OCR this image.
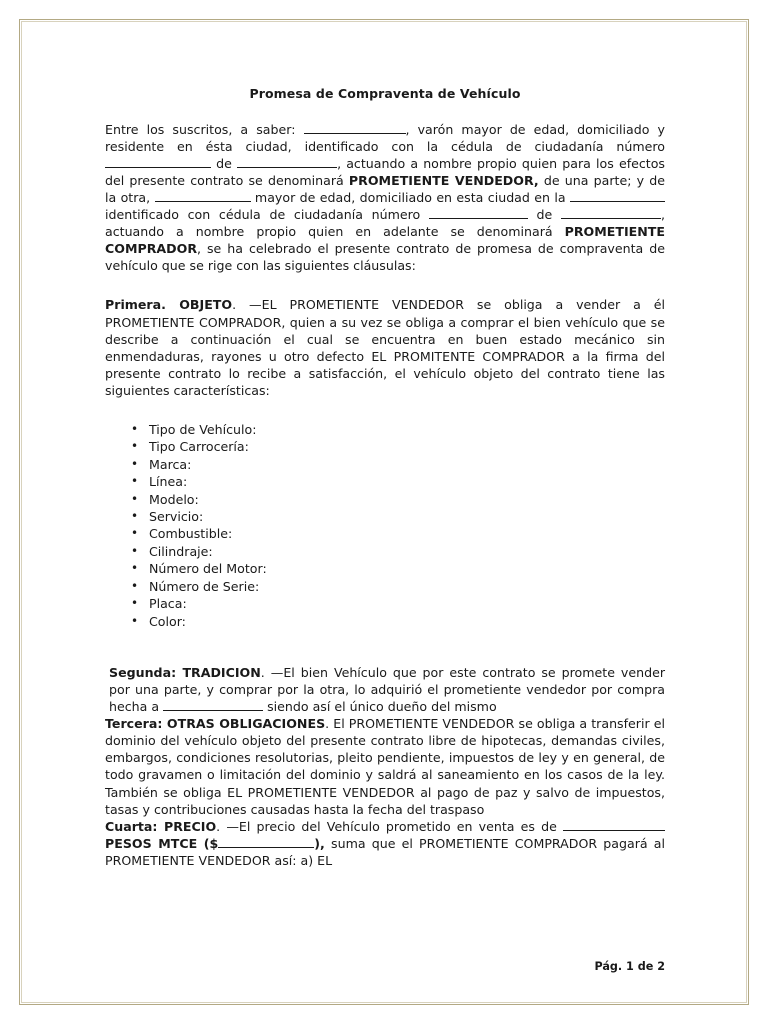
Promesa de Compraventa de Vehículo

Entre los suscritos, a saber:	, varón mayor de edad, domiciliado y residente en ésta ciudad, identificado con la cédula de ciudadanía número  de	, actuando a nombre propio quien para los efectos del presente contrato se denominará PROMETIENTE VENDEDOR, de una parte; y de la otra,	mayor de edad, domiciliado en esta ciudad en la  identificado con cédula de ciudadanía número	de	, actuando a nombre propio quien en adelante se denominará PROMETIENTE COMPRADOR, se ha celebrado el presente contrato de promesa de compraventa de vehículo que se rige con las siguientes cláusulas:

Primera. OBJETO. —EL PROMETIENTE VENDEDOR se obliga a vender a él PROMETIENTE COMPRADOR, quien a su vez se obliga a comprar el bien vehículo que se describe a continuación el cual se encuentra en buen estado mecánico sin enmendaduras, rayones u otro defecto EL PROMITENTE COMPRADOR a la firma del presente contrato lo recibe a satisfacción, el vehículo objeto del contrato tiene las siguientes características:

• Tipo de Vehículo:
• Tipo Carrocería:
• Marca:
• Línea:
• Modelo:
• Servicio:
• Combustible:
• Cilindraje:
• Número del Motor:
• Número de Serie:
• Placa:
• Color:

Segunda: TRADICION. —El bien Vehículo que por este contrato se promete vender por una parte, y comprar por la otra, lo adquirió el prometiente vendedor por compra hecha a	siendo así el único dueño del mismo

Tercera: OTRAS OBLIGACIONES. El PROMETIENTE VENDEDOR se obliga a transferir el dominio del vehículo objeto del presente contrato libre de hipotecas, demandas civiles, embargos, condiciones resolutorias, pleito pendiente, impuestos de ley y en general, de todo gravamen o limitación del dominio y saldrá al saneamiento en los casos de la ley. También se obliga EL PROMETIENTE VENDEDOR al pago de paz y salvo de impuestos, tasas y contribuciones causadas hasta la fecha del traspaso

Cuarta: PRECIO. —El precio del Vehículo prometido en venta es de PESOS MTCE ($	), suma que el PROMETIENTE COMPRADOR pagará al PROMETIENTE VENDEDOR así: a) EL

Pág. 1 de 2
